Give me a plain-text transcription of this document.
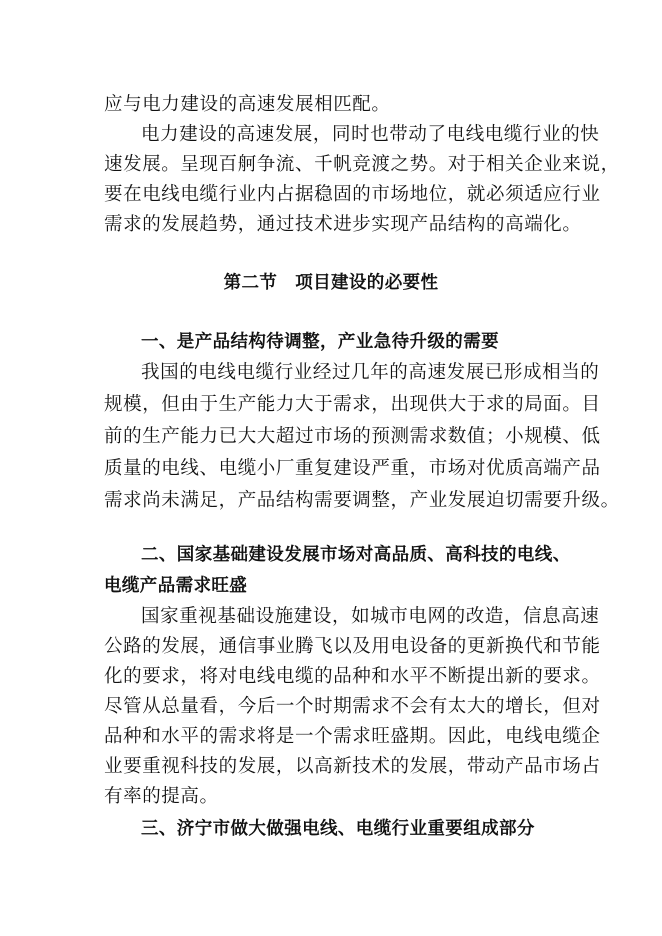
应与电力建设的高速发展相匹配。
电力建设的高速发展，同时也带动了电线电缆行业的快
速发展。呈现百舸争流、千帆竞渡之势。对于相关企业来说，
要在电线电缆行业内占据稳固的市场地位，就必须适应行业
需求的发展趋势，通过技术进步实现产品结构的高端化。
第二节　项目建设的必要性
一、是产品结构待调整，产业急待升级的需要
我国的电线电缆行业经过几年的高速发展已形成相当的
规模，但由于生产能力大于需求，出现供大于求的局面。目
前的生产能力已大大超过市场的预测需求数值；小规模、低
质量的电线、电缆小厂重复建设严重，市场对优质高端产品
需求尚未满足，产品结构需要调整，产业发展迫切需要升级。
二、国家基础建设发展市场对高品质、高科技的电线、
电缆产品需求旺盛
国家重视基础设施建设，如城市电网的改造，信息高速
公路的发展，通信事业腾飞以及用电设备的更新换代和节能
化的要求，将对电线电缆的品种和水平不断提出新的要求。
尽管从总量看，今后一个时期需求不会有太大的增长，但对
品种和水平的需求将是一个需求旺盛期。因此，电线电缆企
业要重视科技的发展，以高新技术的发展，带动产品市场占
有率的提高。
三、济宁市做大做强电线、电缆行业重要组成部分
